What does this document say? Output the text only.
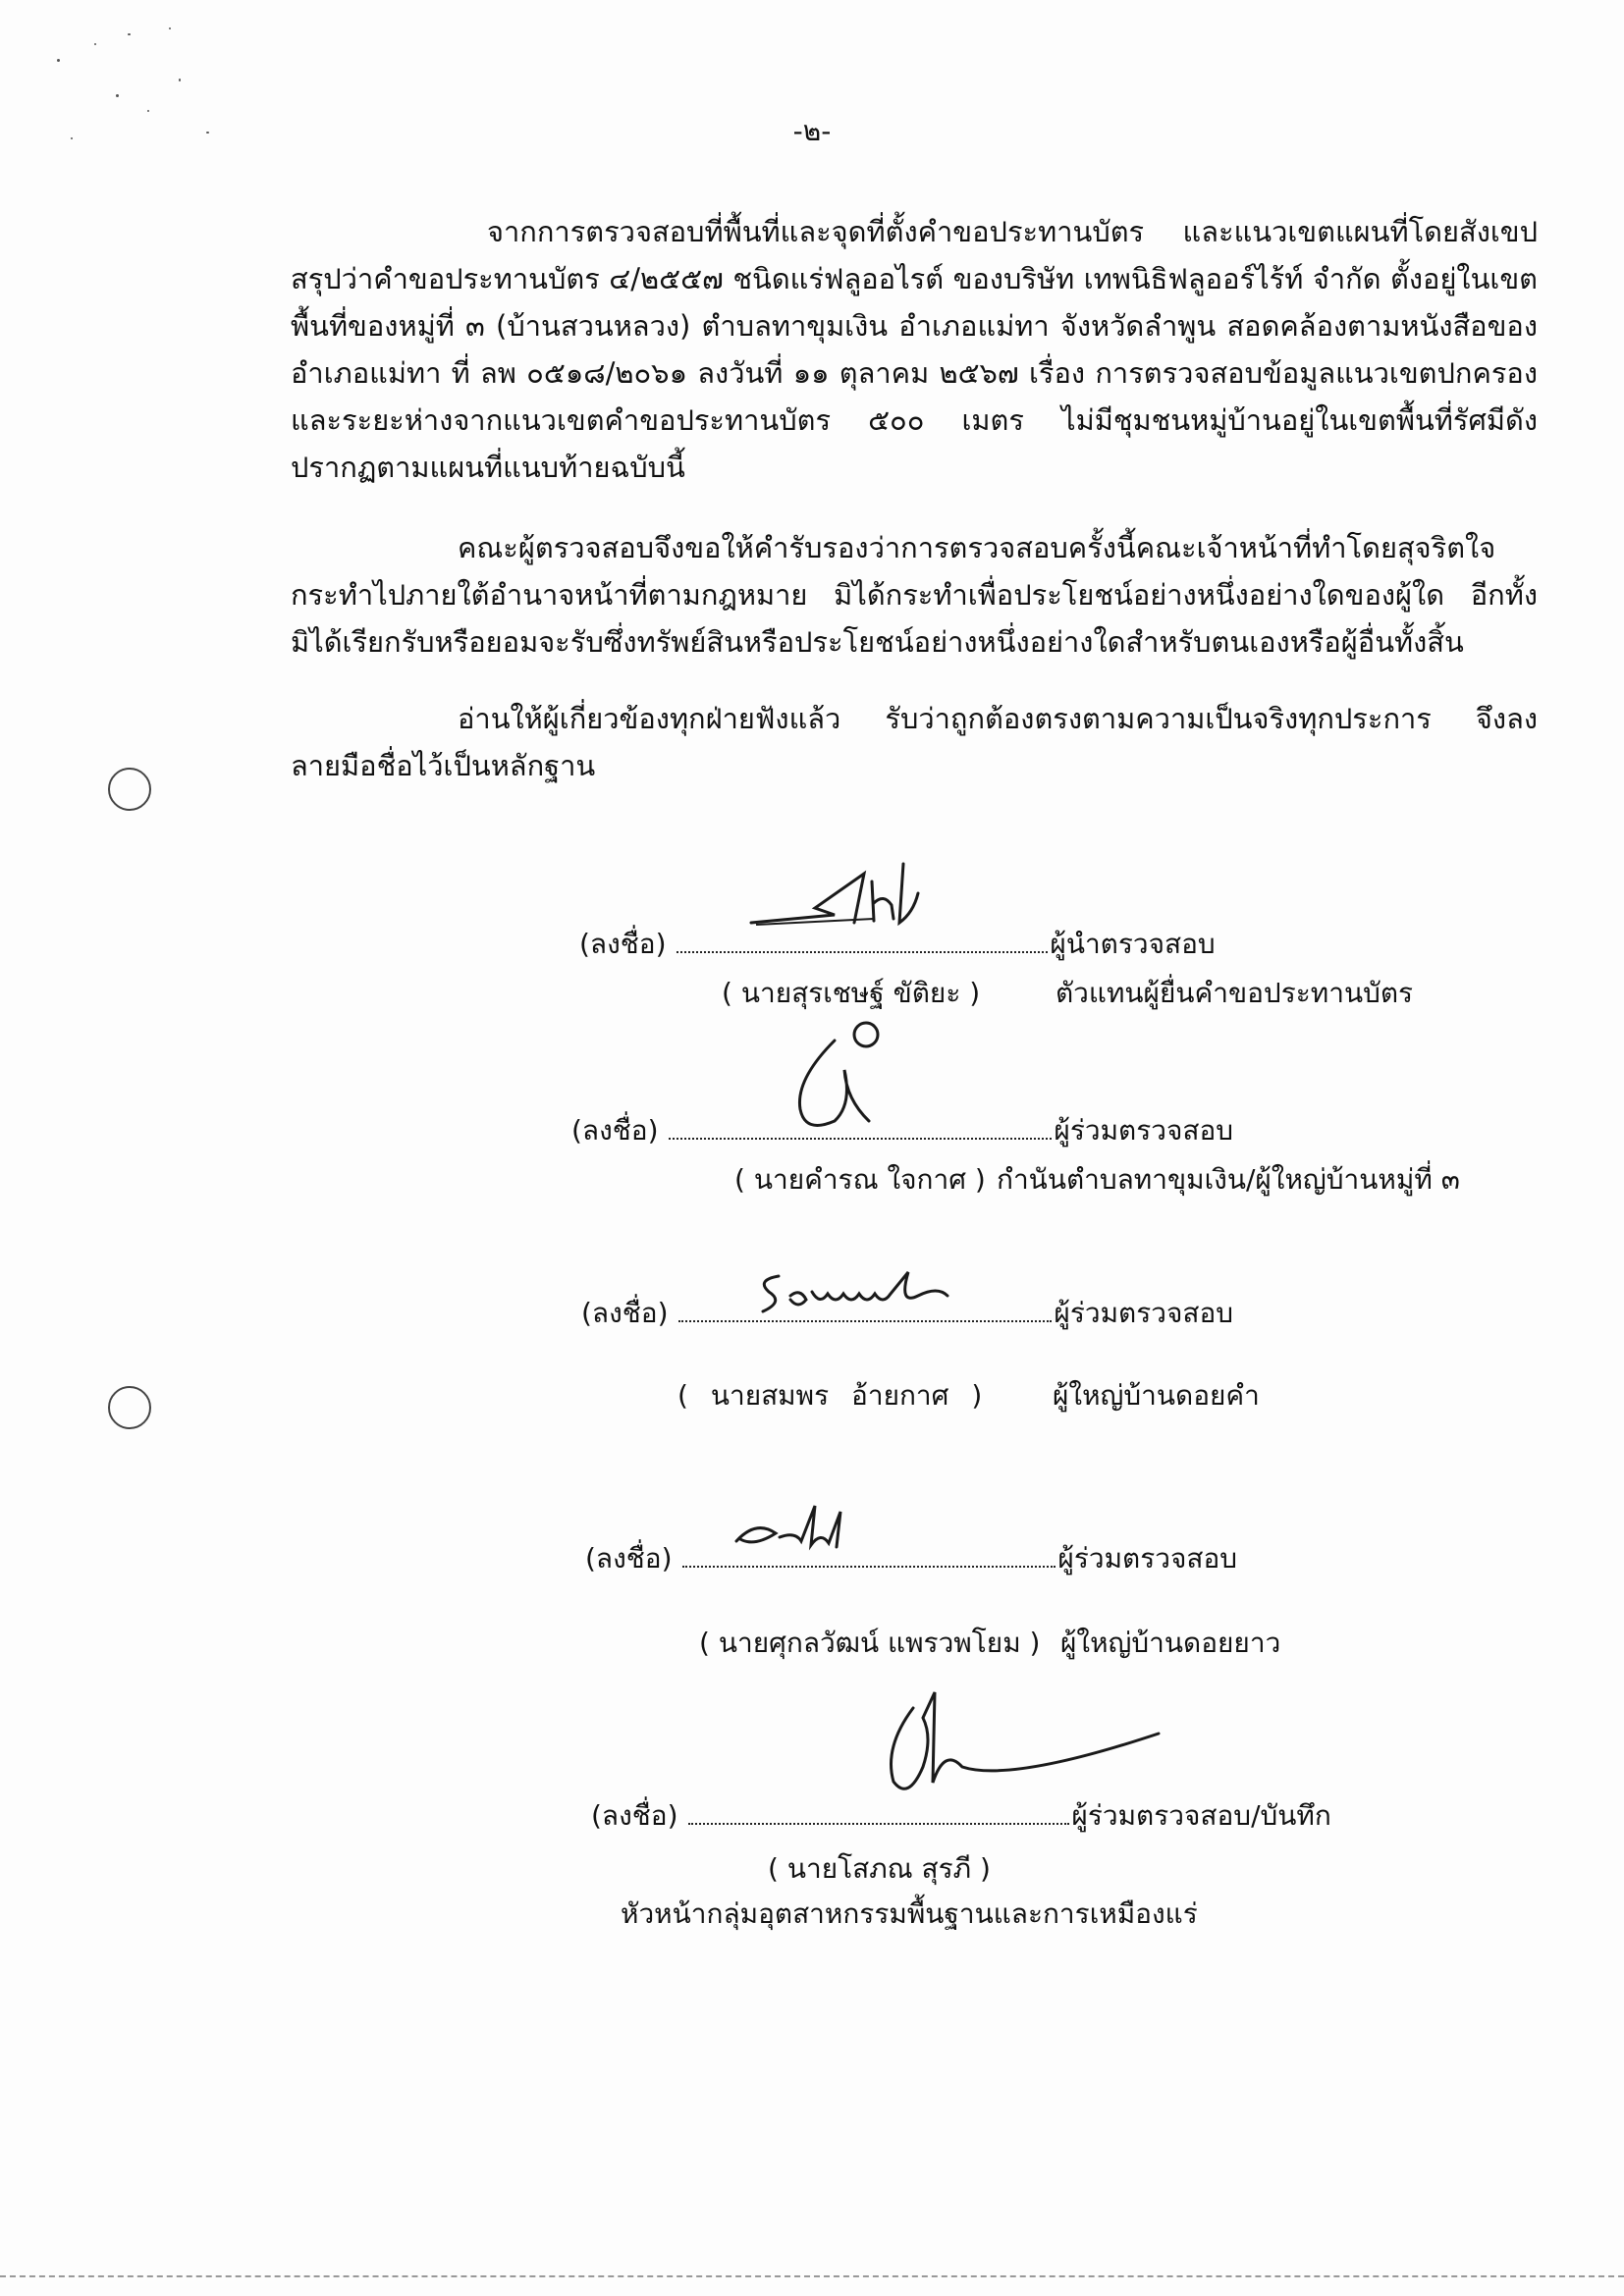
-๒-

จากการตรวจสอบที่พื้นที่และจุดที่ตั้งคำขอประทานบัตร และแนวเขตแผนที่โดยสังเขป สรุปว่าคำขอประทานบัตร ๔/๒๕๕๗ ชนิดแร่ฟลูออไรต์ ของบริษัท เทพนิธิฟลูออร์ไร้ท์ จำกัด ตั้งอยู่ในเขตพื้นที่ของหมู่ที่ ๓ (บ้านสวนหลวง) ตำบลทาขุมเงิน อำเภอแม่ทา จังหวัดลำพูน สอดคล้องตามหนังสือของอำเภอแม่ทา ที่ ลพ ๐๕๑๘/๒๐๖๑ ลงวันที่ ๑๑ ตุลาคม ๒๕๖๗ เรื่อง การตรวจสอบข้อมูลแนวเขตปกครอง และระยะห่างจากแนวเขตคำขอประทานบัตร ๕๐๐ เมตร ไม่มีชุมชนหมู่บ้านอยู่ในเขตพื้นที่รัศมีดังปรากฏตามแผนที่แนบท้ายฉบับนี้

คณะผู้ตรวจสอบจึงขอให้คำรับรองว่าการตรวจสอบครั้งนี้คณะเจ้าหน้าที่ทำโดยสุจริตใจกระทำไปภายใต้อำนาจหน้าที่ตามกฎหมาย มิได้กระทำเพื่อประโยชน์อย่างหนึ่งอย่างใดของผู้ใด อีกทั้งมิได้เรียกรับหรือยอมจะรับซึ่งทรัพย์สินหรือประโยชน์อย่างหนึ่งอย่างใดสำหรับตนเองหรือผู้อื่นทั้งสิ้น

อ่านให้ผู้เกี่ยวข้องทุกฝ่ายฟังแล้ว รับว่าถูกต้องตรงตามความเป็นจริงทุกประการ จึงลงลายมือชื่อไว้เป็นหลักฐาน

(ลงชื่อ)	ผู้นำตรวจสอบ
( นายสุรเชษฐ์ ขัติยะ )	ตัวแทนผู้ยื่นคำขอประทานบัตร
(ลงชื่อ)	ผู้ร่วมตรวจสอบ
( นายคำรณ ใจกาศ ) กำนันตำบลทาขุมเงิน/ผู้ใหญ่บ้านหมู่ที่ ๓
(ลงชื่อ)	ผู้ร่วมตรวจสอบ
( นายสมพร อ้ายกาศ )	ผู้ใหญ่บ้านดอยคำ
(ลงชื่อ)	ผู้ร่วมตรวจสอบ
( นายศุกลวัฒน์ แพรวพโยม ) ผู้ใหญ่บ้านดอยยาว
(ลงชื่อ)	ผู้ร่วมตรวจสอบ/บันทึก
( นายโสภณ สุรภี )
หัวหน้ากลุ่มอุตสาหกรรมพื้นฐานและการเหมืองแร่
